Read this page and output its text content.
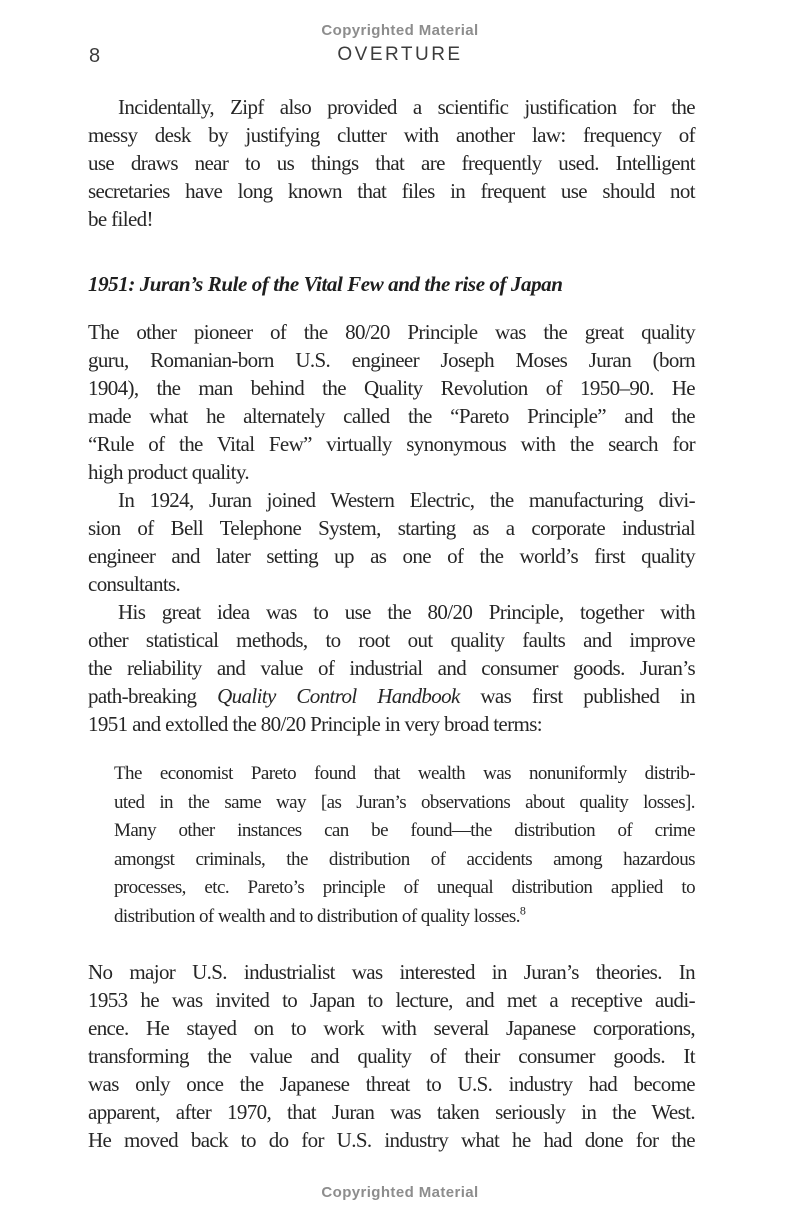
Copyrighted Material
8	OVERTURE
Incidentally, Zipf also provided a scientific justification for the
messy desk by justifying clutter with another law: frequency of
use draws near to us things that are frequently used. Intelligent
secretaries have long known that files in frequent use should not
be filed!
1951: Juran’s Rule of the Vital Few and the rise of Japan
The other pioneer of the 80/20 Principle was the great quality
guru, Romanian-born U.S. engineer Joseph Moses Juran (born
1904), the man behind the Quality Revolution of 1950–90. He
made what he alternately called the “Pareto Principle” and the
“Rule of the Vital Few” virtually synonymous with the search for
high product quality.
In 1924, Juran joined Western Electric, the manufacturing divi-
sion of Bell Telephone System, starting as a corporate industrial
engineer and later setting up as one of the world’s first quality
consultants.
His great idea was to use the 80/20 Principle, together with
other statistical methods, to root out quality faults and improve
the reliability and value of industrial and consumer goods. Juran’s
path-breaking Quality Control Handbook was first published in
1951 and extolled the 80/20 Principle in very broad terms:
The economist Pareto found that wealth was nonuniformly distrib-
uted in the same way [as Juran’s observations about quality losses].
Many other instances can be found—the distribution of crime
amongst criminals, the distribution of accidents among hazardous
processes, etc. Pareto’s principle of unequal distribution applied to
distribution of wealth and to distribution of quality losses.$^8$
No major U.S. industrialist was interested in Juran’s theories. In
1953 he was invited to Japan to lecture, and met a receptive audi-
ence. He stayed on to work with several Japanese corporations,
transforming the value and quality of their consumer goods. It
was only once the Japanese threat to U.S. industry had become
apparent, after 1970, that Juran was taken seriously in the West.
He moved back to do for U.S. industry what he had done for the
Copyrighted Material
